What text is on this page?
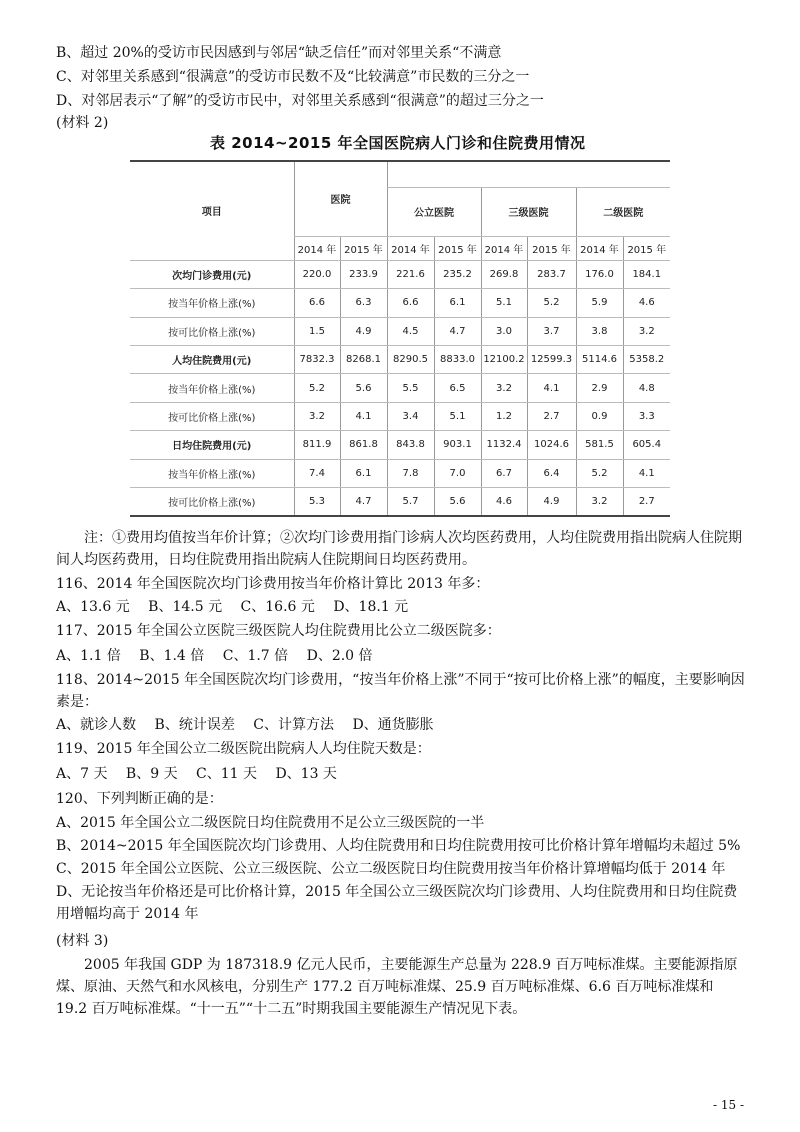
B、超过 20%的受访市民因感到与邻居“缺乏信任”而对邻里关系“不满意
C、对邻里关系感到“很满意”的受访市民数不及“比较满意”市民数的三分之一
D、对邻居表示“了解”的受访市民中，对邻里关系感到“很满意”的超过三分之一
(材料 2)
表 2014~2015 年全国医院病人门诊和住院费用情况
项目	医院							
			公立医院		三级医院		二级医院	
	2014 年	2015 年	2014 年	2015 年	2014 年	2015 年	2014 年	2015 年
次均门诊费用(元)	220.0	233.9	221.6	235.2	269.8	283.7	176.0	184.1
按当年价格上涨(%)	6.6	6.3	6.6	6.1	5.1	5.2	5.9	4.6
按可比价格上涨(%)	1.5	4.9	4.5	4.7	3.0	3.7	3.8	3.2
人均住院费用(元)	7832.3	8268.1	8290.5	8833.0	12100.2	12599.3	5114.6	5358.2
按当年价格上涨(%)	5.2	5.6	5.5	6.5	3.2	4.1	2.9	4.8
按可比价格上涨(%)	3.2	4.1	3.4	5.1	1.2	2.7	0.9	3.3
日均住院费用(元)	811.9	861.8	843.8	903.1	1132.4	1024.6	581.5	605.4
按当年价格上涨(%)	7.4	6.1	7.8	7.0	6.7	6.4	5.2	4.1
按可比价格上涨(%)	5.3	4.7	5.7	5.6	4.6	4.9	3.2	2.7
注：①费用均值按当年价计算；②次均门诊费用指门诊病人次均医药费用，人均住院费用指出院病人住院期间人均医药费用，日均住院费用指出院病人住院期间日均医药费用。
116、2014 年全国医院次均门诊费用按当年价格计算比 2013 年多：
A、13.6 元　 B、14.5 元　 C、16.6 元　 D、18.1 元
117、2015 年全国公立医院三级医院人均住院费用比公立二级医院多：
A、1.1 倍　 B、1.4 倍　 C、1.7 倍　 D、2.0 倍
118、2014~2015 年全国医院次均门诊费用，“按当年价格上涨”不同于“按可比价格上涨”的幅度，主要影响因素是：
A、就诊人数　 B、统计误差　 C、计算方法　 D、通货膨胀
119、2015 年全国公立二级医院出院病人人均住院天数是：
A、7 天　 B、9 天　 C、11 天　 D、13 天
120、下列判断正确的是：
A、2015 年全国公立二级医院日均住院费用不足公立三级医院的一半
B、2014~2015 年全国医院次均门诊费用、人均住院费用和日均住院费用按可比价格计算年增幅均未超过 5%
C、2015 年全国公立医院、公立三级医院、公立二级医院日均住院费用按当年价格计算增幅均低于 2014 年
D、无论按当年价格还是可比价格计算，2015 年全国公立三级医院次均门诊费用、人均住院费用和日均住院费用增幅均高于 2014 年
(材料 3)
2005 年我国 GDP 为 187318.9 亿元人民币，主要能源生产总量为 228.9 百万吨标准煤。主要能源指原煤、原油、天然气和水风核电，分别生产 177.2 百万吨标准煤、25.9 百万吨标准煤、6.6 百万吨标准煤和 19.2 百万吨标准煤。“十一五”“十二五”时期我国主要能源生产情况见下表。
- 15 -
